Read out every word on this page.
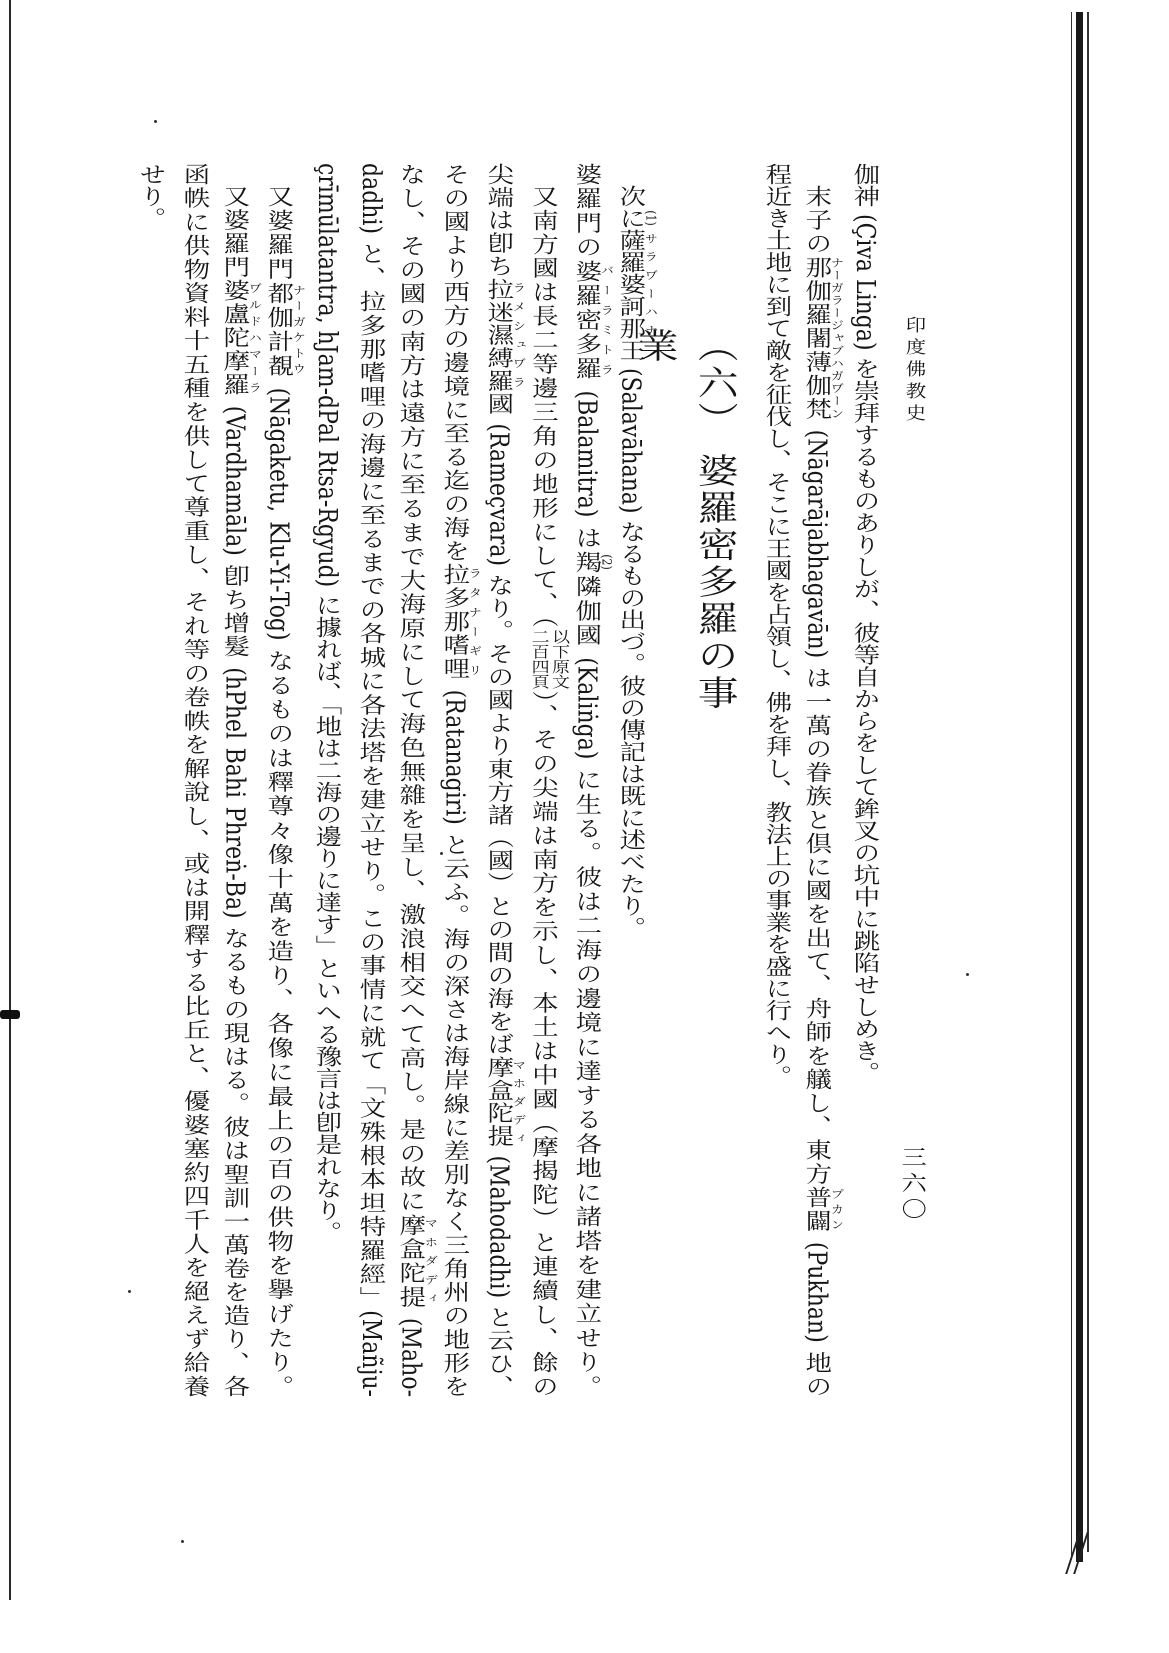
印度佛教史
三六〇
伽神 (Çiva Linga) を崇拜するものありしが、彼等自からをして鉾叉の坑中に跳陷せしめき。
末子の那伽羅闍薄伽梵ナーガラージャブハガヷーン (Nāgarājabhagavān) は一萬の眷族と倶に國を出て、舟師を艤し、東方普闢プカン (Pukhan) 地の
程近き土地に到て敵を征伐し、そこに王國を占領し、佛を拜し、教法上の事業を盛に行へり。
（六）婆羅密多羅の事業
次に(1)薩羅婆訶那サラヷーハナ王 (Salavāhana) なるもの出づ。彼の傳記は既に述べたり。
婆羅門の婆羅密多羅バーラミトラ (Balamitra) は羯(2)隣伽國 (Kaliṅga) に生る。彼は二海の邊境に達する各地に諸塔を建立せり。
又南方國は長二等邊三角の地形にして、（
以下原文
二百四頁
）、その尖端は南方を示し、本土は中國（摩揭陀）と連續し、餘の
尖端は卽ち拉迷濕縛羅ラメシュヷラ國 (Rameçvara) なり。その國より東方諸（國）との間の海をば摩盒陀提マホダディ (Mahodadhi) と云ひ、
その國より西方の邊境に至る迄の海を拉多那嗜哩ラタナーギリ (Ratanagiri) と云ふ。海の深さは海岸線に差別なく三角州の地形を
なし、その國の南方は遠方に至るまで大海原にして海色無雜を呈し、激浪相交へて高し。是の故に摩盒陀提マホダディ (Maho-
dadhi) と、拉多那嗜哩の海邊に至るまでの各城に各法塔を建立せり。この事情に就て「文殊根本坦特羅經」(Mañju-
çrīmūlatantra, hJam-dPal Rtsa-Rgyud) に據れば、「地は二海の邊りに達す」といへる豫言は卽是れなり。
又婆羅門都伽計覩ナーガケトウ (Nāgaketu, Klu-Yi-Tog) なるものは釋尊々像十萬を造り、各像に最上の百の供物を擧げたり。
又婆羅門婆盧陀摩羅ヷルドハマーラ (Vardhamāla) 卽ち增髮 (hPhel Bahi Phreṅ-Ba) なるもの現はる。彼は聖訓一萬卷を造り、各
函帙に供物資料十五種を供して尊重し、それ等の卷帙を解說し、或は開釋する比丘と、優婆塞約四千人を絕えず給養
せり。
